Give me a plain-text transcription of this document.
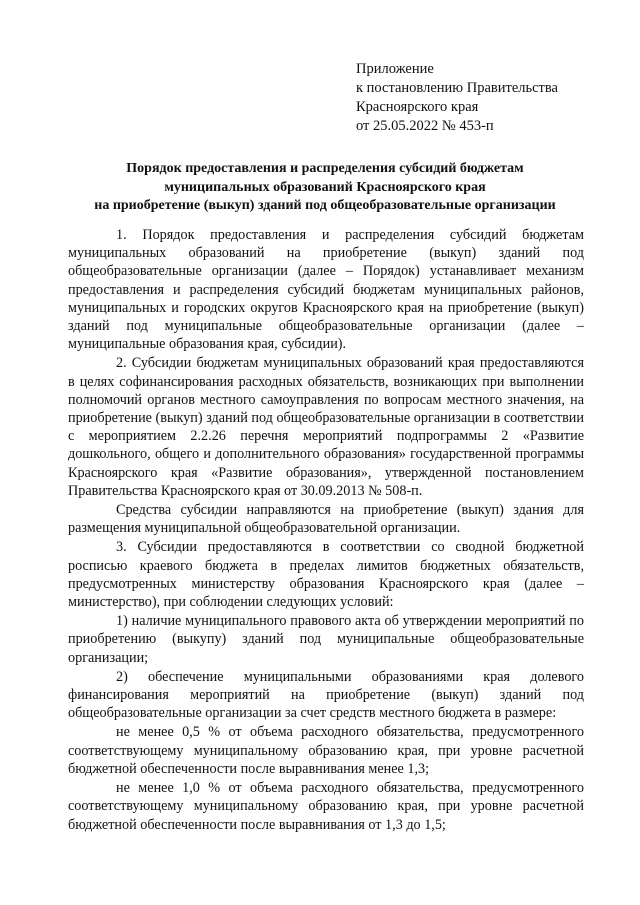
Приложение
к постановлению Правительства
Красноярского края
от 25.05.2022 № 453-п
Порядок предоставления и распределения субсидий бюджетам
муниципальных образований Красноярского края
на приобретение (выкуп) зданий под общеобразовательные организации

1. Порядок предоставления и распределения субсидий бюджетам муниципальных образований на приобретение (выкуп) зданий под общеобразовательные организации (далее – Порядок) устанавливает механизм предоставления и распределения субсидий бюджетам муниципальных районов, муниципальных и городских округов Красноярского края на приобретение (выкуп) зданий под муниципальные общеобразовательные организации (далее – муниципальные образования края, субсидии).

2. Субсидии бюджетам муниципальных образований края предоставляются в целях софинансирования расходных обязательств, возникающих при выполнении полномочий органов местного самоуправления по вопросам местного значения, на приобретение (выкуп) зданий под общеобразовательные организации в соответствии с мероприятием 2.2.26 перечня мероприятий подпрограммы 2 «Развитие дошкольного, общего и дополнительного образования» государственной программы Красноярского края «Развитие образования», утвержденной постановлением Правительства Красноярского края от 30.09.2013 № 508-п.

Средства субсидии направляются на приобретение (выкуп) здания для размещения муниципальной общеобразовательной организации.

3. Субсидии предоставляются в соответствии со сводной бюджетной росписью краевого бюджета в пределах лимитов бюджетных обязательств, предусмотренных министерству образования Красноярского края (далее – министерство), при соблюдении следующих условий:

1) наличие муниципального правового акта об утверждении мероприятий по приобретению (выкупу) зданий под муниципальные общеобразовательные организации;

2) обеспечение муниципальными образованиями края долевого финансирования мероприятий на приобретение (выкуп) зданий под общеобразовательные организации за счет средств местного бюджета в размере:

не менее 0,5 % от объема расходного обязательства, предусмотренного соответствующему муниципальному образованию края, при уровне расчетной бюджетной обеспеченности после выравнивания менее 1,3;

не менее 1,0 % от объема расходного обязательства, предусмотренного соответствующему муниципальному образованию края, при уровне расчетной бюджетной обеспеченности после выравнивания от 1,3 до 1,5;
